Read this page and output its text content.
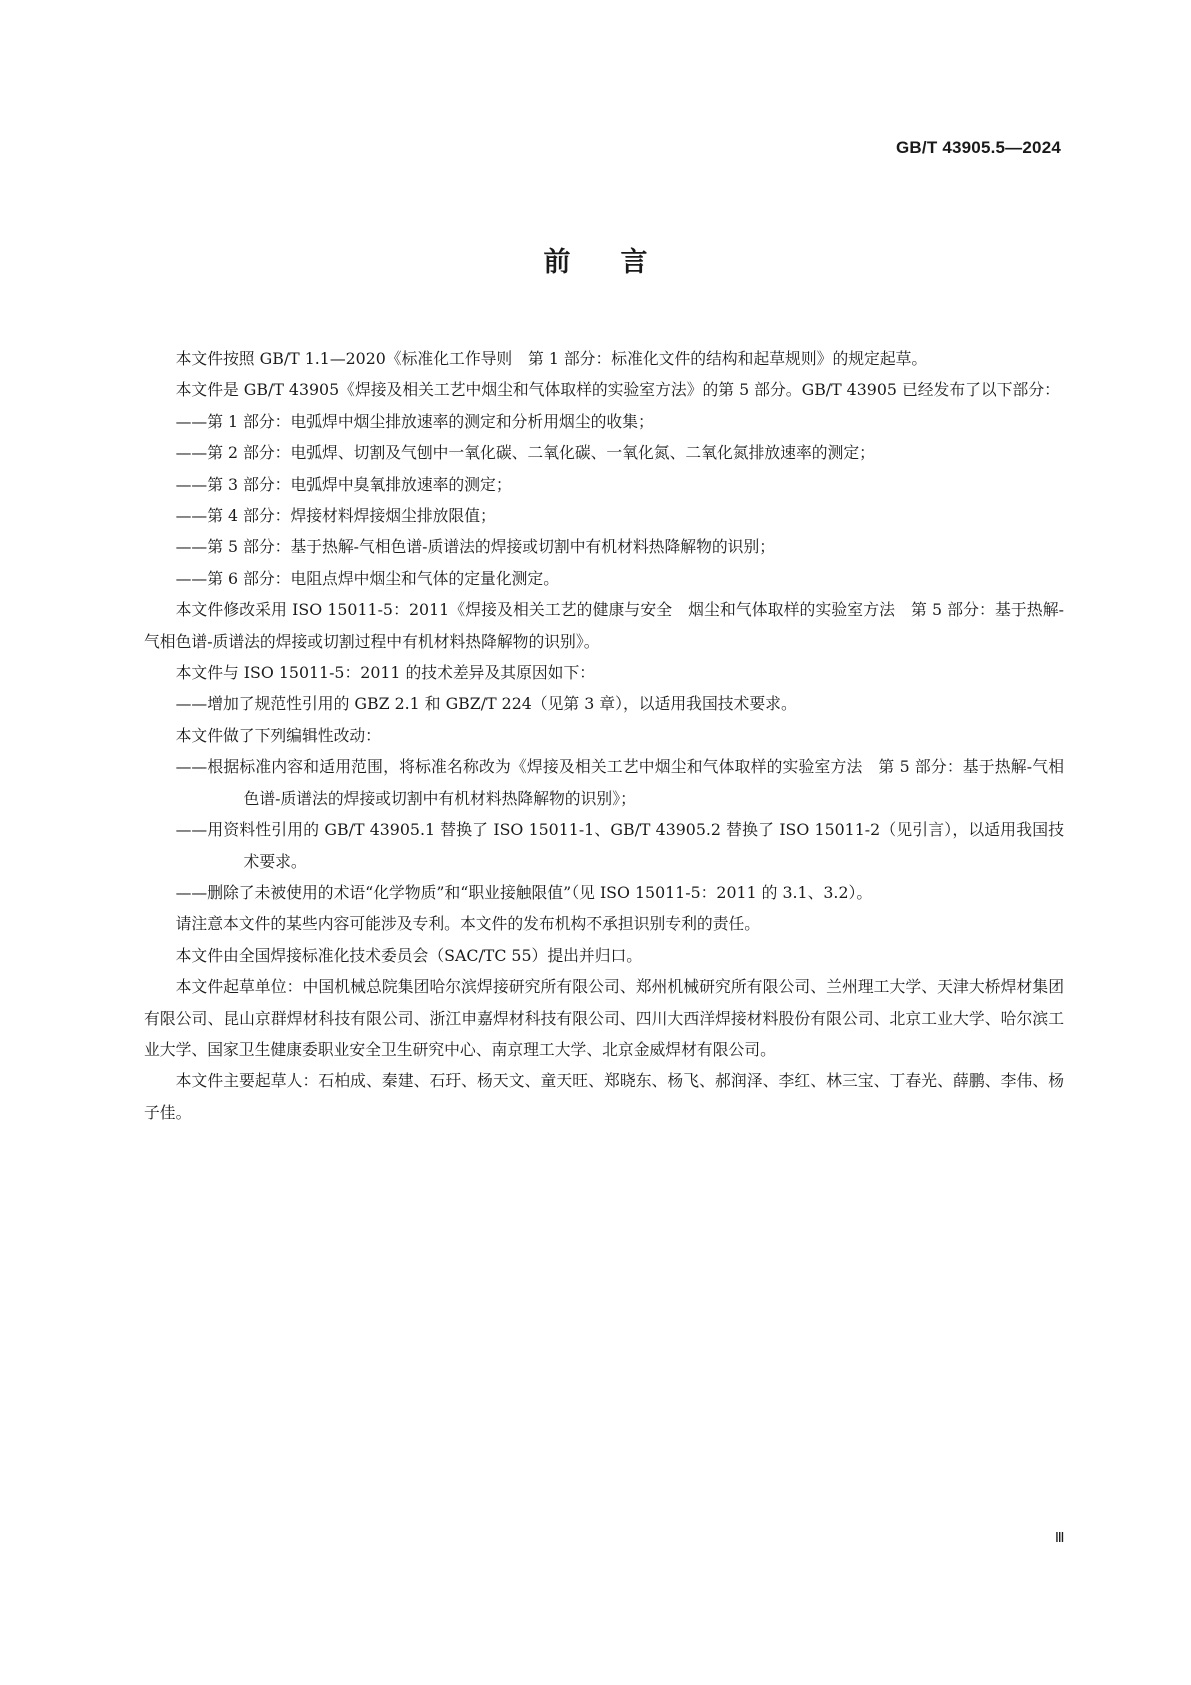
GB/T 43905.5—2024
前言

本文件按照 GB/T 1.1—2020《标准化工作导则　第 1 部分：标准化文件的结构和起草规则》的规定起草。

本文件是 GB/T 43905《焊接及相关工艺中烟尘和气体取样的实验室方法》的第 5 部分。GB/T 43905 已经发布了以下部分：

——第 1 部分：电弧焊中烟尘排放速率的测定和分析用烟尘的收集；

——第 2 部分：电弧焊、切割及气刨中一氧化碳、二氧化碳、一氧化氮、二氧化氮排放速率的测定；

——第 3 部分：电弧焊中臭氧排放速率的测定；

——第 4 部分：焊接材料焊接烟尘排放限值；

——第 5 部分：基于热解-气相色谱-质谱法的焊接或切割中有机材料热降解物的识别；

——第 6 部分：电阻点焊中烟尘和气体的定量化测定。

本文件修改采用 ISO 15011-5：2011《焊接及相关工艺的健康与安全　烟尘和气体取样的实验室方法　第 5 部分：基于热解-气相色谱-质谱法的焊接或切割过程中有机材料热降解物的识别》。

本文件与 ISO 15011-5：2011 的技术差异及其原因如下：

——增加了规范性引用的 GBZ 2.1 和 GBZ/T 224（见第 3 章），以适用我国技术要求。

本文件做了下列编辑性改动：

——根据标准内容和适用范围，将标准名称改为《焊接及相关工艺中烟尘和气体取样的实验室方法　第 5 部分：基于热解-气相色谱-质谱法的焊接或切割中有机材料热降解物的识别》；

——用资料性引用的 GB/T 43905.1 替换了 ISO 15011-1、GB/T 43905.2 替换了 ISO 15011-2（见引言），以适用我国技术要求。

——删除了未被使用的术语“化学物质”和“职业接触限值”（见 ISO 15011-5：2011 的 3.1、3.2）。

请注意本文件的某些内容可能涉及专利。本文件的发布机构不承担识别专利的责任。

本文件由全国焊接标准化技术委员会（SAC/TC 55）提出并归口。

本文件起草单位：中国机械总院集团哈尔滨焊接研究所有限公司、郑州机械研究所有限公司、兰州理工大学、天津大桥焊材集团有限公司、昆山京群焊材科技有限公司、浙江申嘉焊材科技有限公司、四川大西洋焊接材料股份有限公司、北京工业大学、哈尔滨工业大学、国家卫生健康委职业安全卫生研究中心、南京理工大学、北京金威焊材有限公司。

本文件主要起草人：石柏成、秦建、石玗、杨天文、童天旺、郑晓东、杨飞、郝润泽、李红、林三宝、丁春光、薛鹏、李伟、杨子佳。

Ⅲ
